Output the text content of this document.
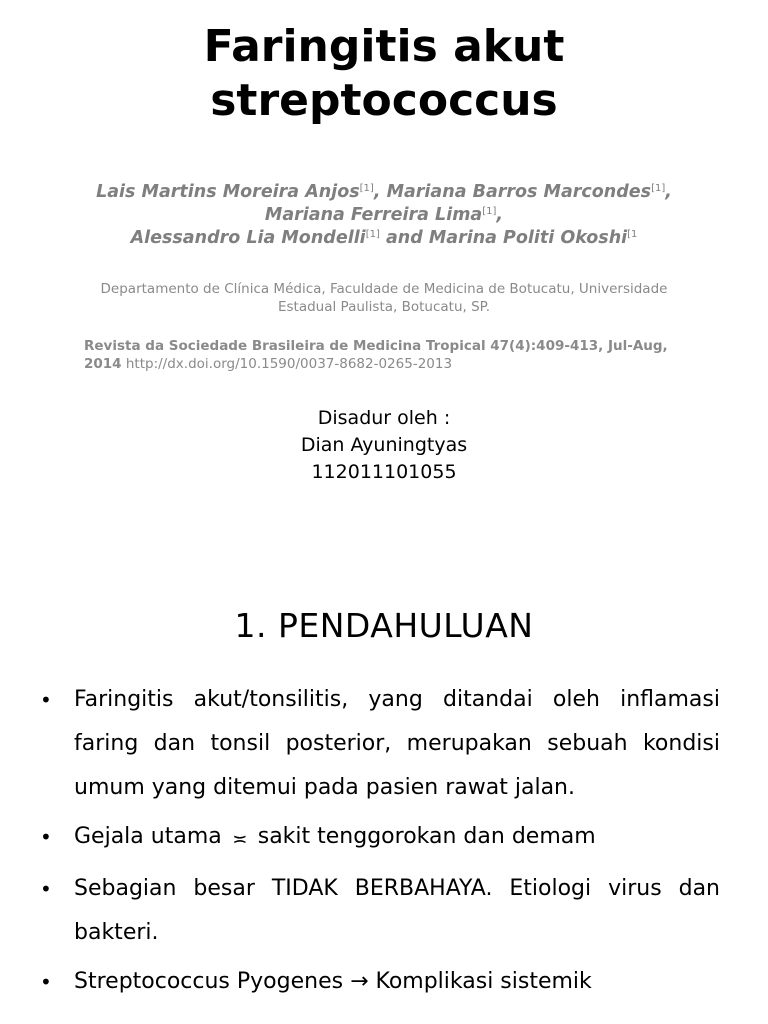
Faringitis akut
streptococcus
Lais Martins Moreira Anjos[1], Mariana Barros Marcondes[1], Mariana Ferreira Lima[1],
Alessandro Lia Mondelli[1] and Marina Politi Okoshi$^{[1}$
Departamento de Clínica Médica, Faculdade de Medicina de Botucatu, Universidade Estadual Paulista, Botucatu, SP.
Revista da Sociedade Brasileira de Medicina Tropical 47(4):409-413, Jul-Aug, 2014 http://dx.doi.org/10.1590/0037-8682-0265-2013
Disadur oleh :
Dian Ayuningtyas
112011101055
1. PENDAHULUAN
• Faringitis akut/tonsilitis, yang ditandai oleh inflamasi faring dan tonsil posterior, merupakan sebuah kondisi umum yang ditemui pada pasien rawat jalan.
• Gejala utama ≍ sakit tenggorokan dan demam
• Sebagian besar TIDAK BERBAHAYA. Etiologi virus dan bakteri.
• Streptococcus Pyogenes → Komplikasi sistemik
